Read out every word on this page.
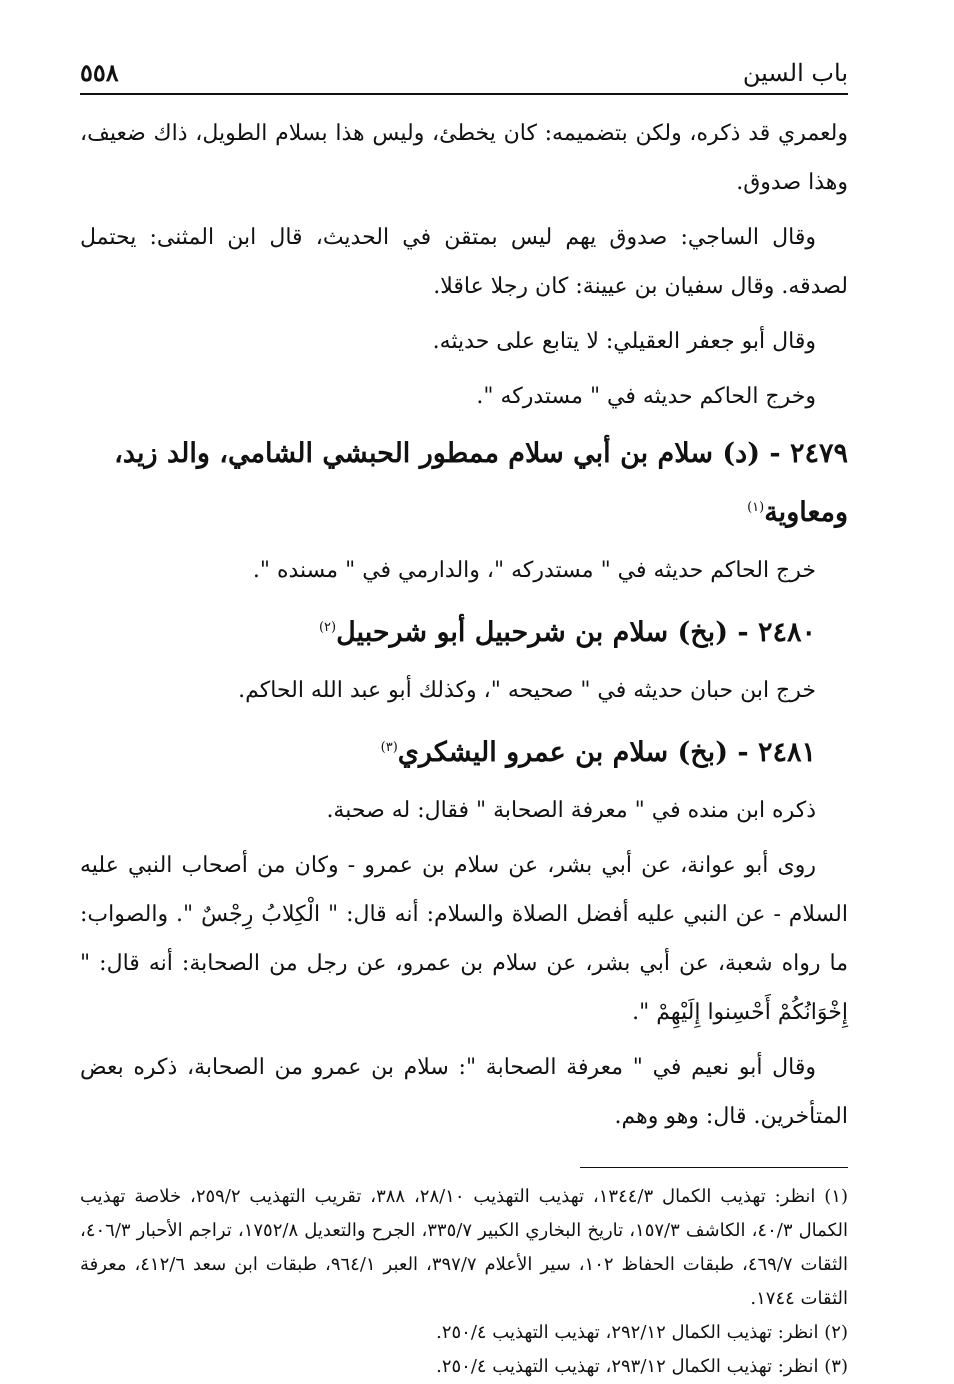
باب السين
٥٥٨

ولعمري قد ذكره، ولكن بتضميمه: كان يخطئ، وليس هذا بسلام الطويل، ذاك ضعيف، وهذا صدوق.

وقال الساجي: صدوق يهم ليس بمتقن في الحديث، قال ابن المثنى: يحتمل لصدقه. وقال سفيان بن عيينة: كان رجلا عاقلا.

وقال أبو جعفر العقيلي: لا يتابع على حديثه.

وخرج الحاكم حديثه في " مستدركه ".

٢٤٧٩ - (د) سلام بن أبي سلام ممطور الحبشي الشامي، والد زيد، ومعاوية$^{(١)}$

خرج الحاكم حديثه في " مستدركه "، والدارمي في " مسنده ".

٢٤٨٠ - (بخ) سلام بن شرحبيل أبو شرحبيل$^{(٢)}$

خرج ابن حبان حديثه في " صحيحه "، وكذلك أبو عبد الله الحاكم.

٢٤٨١ - (بخ) سلام بن عمرو اليشكري$^{(٣)}$

ذكره ابن منده في " معرفة الصحابة " فقال: له صحبة.

روى أبو عوانة، عن أبي بشر، عن سلام بن عمرو - وكان من أصحاب النبي عليه السلام - عن النبي عليه أفضل الصلاة والسلام: أنه قال: " الْكِلابُ رِجْسٌ ". والصواب: ما رواه شعبة، عن أبي بشر، عن سلام بن عمرو، عن رجل من الصحابة: أنه قال: " إِخْوَانُكُمْ أَحْسِنوا إِلَيْهِمْ ".

وقال أبو نعيم في " معرفة الصحابة ": سلام بن عمرو من الصحابة، ذكره بعض المتأخرين. قال: وهو وهم.

(١) انظر: تهذيب الكمال ١٣٤٤/٣، تهذيب التهذيب ٢٨/١٠، ٣٨٨، تقريب التهذيب ٢٥٩/٢، خلاصة تهذيب الكمال ٤٠/٣، الكاشف ١٥٧/٣، تاريخ البخاري الكبير ٣٣٥/٧، الجرح والتعديل ١٧٥٢/٨، تراجم الأحبار ٤٠٦/٣، الثقات ٤٦٩/٧، طبقات الحفاظ ١٠٢، سير الأعلام ٣٩٧/٧، العبر ٩٦٤/١، طبقات ابن سعد ٤١٢/٦، معرفة الثقات ١٧٤٤.

(٢) انظر: تهذيب الكمال ٢٩٢/١٢، تهذيب التهذيب ٢٥٠/٤.

(٣) انظر: تهذيب الكمال ٢٩٣/١٢، تهذيب التهذيب ٢٥٠/٤.
